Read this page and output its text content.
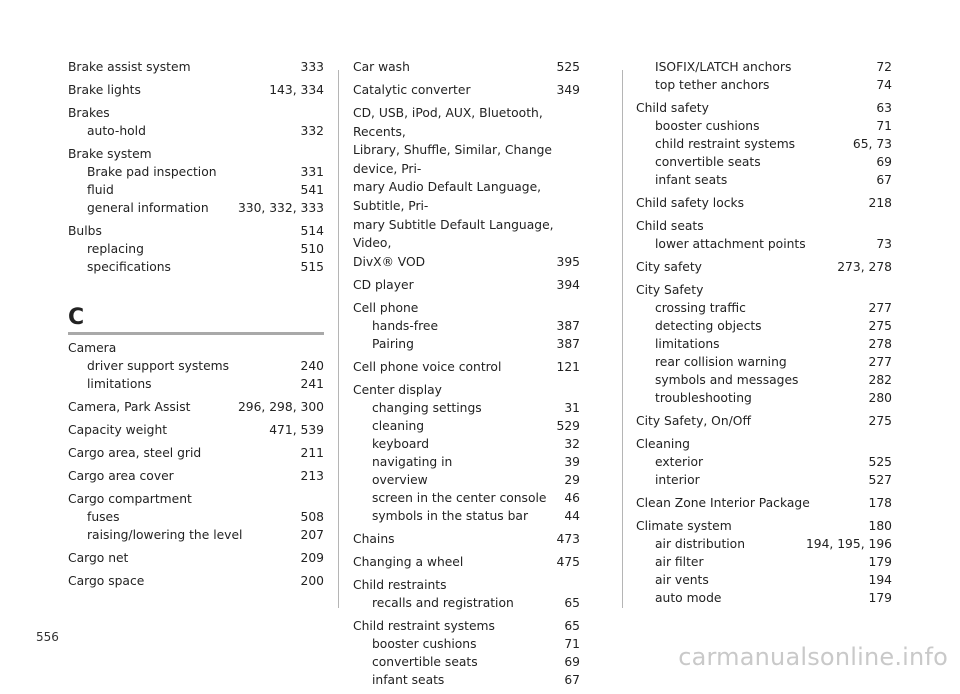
Brake assist system	333
Brake lights	143, 334
Brakes
auto-hold	332
Brake system
Brake pad inspection	331
fluid	541
general information	330, 332, 333
Bulbs	514
replacing	510
specifications	515
C
Camera
driver support systems	240
limitations	241
Camera, Park Assist	296, 298, 300
Capacity weight	471, 539
Cargo area, steel grid	211
Cargo area cover	213
Cargo compartment
fuses	508
raising/lowering the level	207
Cargo net	209
Cargo space	200
Car wash	525
Catalytic converter	349
CD, USB, iPod, AUX, Bluetooth, Recents,
Library, Shuffle, Similar, Change device, Pri-
mary Audio Default Language, Subtitle, Pri-
mary Subtitle Default Language, Video,
DivX® VOD	395
CD player	394
Cell phone
hands-free	387
Pairing	387
Cell phone voice control	121
Center display
changing settings	31
cleaning	529
keyboard	32
navigating in	39
overview	29
screen in the center console	46
symbols in the status bar	44
Chains	473
Changing a wheel	475
Child restraints
recalls and registration	65
Child restraint systems	65
booster cushions	71
convertible seats	69
infant seats	67
ISOFIX/LATCH anchors	72
top tether anchors	74
Child safety	63
booster cushions	71
child restraint systems	65, 73
convertible seats	69
infant seats	67
Child safety locks	218
Child seats
lower attachment points	73
City safety	273, 278
City Safety
crossing traffic	277
detecting objects	275
limitations	278
rear collision warning	277
symbols and messages	282
troubleshooting	280
City Safety, On/Off	275
Cleaning
exterior	525
interior	527
Clean Zone Interior Package	178
Climate system	180
air distribution	194, 195, 196
air filter	179
air vents	194
auto mode	179
556
carmanualsonline.info
